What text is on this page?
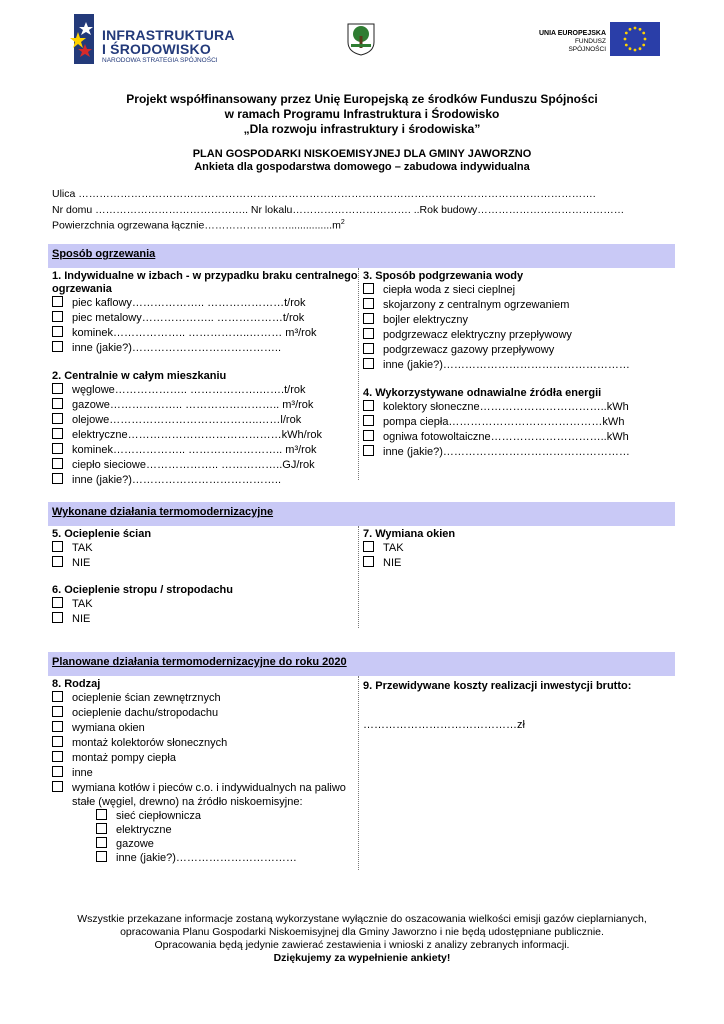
INFRASTRUKTURA
I ŚRODOWISKO
NARODOWA STRATEGIA SPÓJNOŚCI
UNIA EUROPEJSKA
FUNDUSZ SPÓJNOŚCI
Projekt współfinansowany przez Unię Europejską ze środków Funduszu Spójności
w ramach Programu Infrastruktura i Środowisko
„Dla rozwoju infrastruktury i środowiska”
PLAN GOSPODARKI NISKOEMISYJNEJ DLA GMINY JAWORZNO
Ankieta dla gospodarstwa domowego – zabudowa indywidualna
Ulica ………………………………………………………………………………………………………………………………….
Nr domu …………………………………….. Nr lokalu……………………………. ..Rok budowy……………………………………
Powierzchnia ogrzewana $łącznie\dots\dots\dots\dots\dots\dots\dots\dots...............m^2$
Sposób ogrzewania
1. Indywidualne w izbach - w przypadku braku centralnego
ogrzewania
piec kaflowy……………….. …………………t/rok
piec metalowy……………….. ………………t/rok
kominek……………….. ……………..……… m³/rok
inne (jakie?)…………………………………..
2. Centralnie w całym mieszkaniu
węglowe……………….. ……………….…….t/rok
gazowe……………….. …………………….. m³/rok
olejowe…………………………………..……l/rok
elektryczne……………………………………kWh/rok
kominek……………….. …………………….. m³/rok
ciepło sieciowe……………….. ……………..GJ/rok
inne (jakie?)…………………………………..
3. Sposób podgrzewania wody
ciepła woda z sieci cieplnej
skojarzony z centralnym ogrzewaniem
bojler elektryczny
podgrzewacz elektryczny przepływowy
podgrzewacz gazowy przepływowy
inne (jakie?)……………………………………………
4. Wykorzystywane odnawialne źródła energii
kolektory słoneczne……………………………..kWh
pompa ciepła……………………………………kWh
ogniwa fotowoltaiczne…………………………..kWh
inne (jakie?)……………………………………………
Wykonane działania termomodernizacyjne
5. Ocieplenie ścian
TAK
NIE
6. Ocieplenie stropu / stropodachu
TAK
NIE
7. Wymiana okien
TAK
NIE
Planowane działania termomodernizacyjne do roku 2020
8. Rodzaj
ocieplenie ścian zewnętrznych
ocieplenie dachu/stropodachu
wymiana okien
montaż kolektorów słonecznych
montaż pompy ciepła
inne
wymiana kotłów i pieców c.o. i indywidualnych na paliwo
stałe (węgiel, drewno) na źródło niskoemisyjne:
sieć ciepłownicza
elektryczne
gazowe
inne (jakie?)……………………………
9. Przewidywane koszty realizacji inwestycji brutto:
……………………………………zł
Wszystkie przekazane informacje zostaną wykorzystane wyłącznie do oszacowania wielkości emisji gazów cieplarnianych,
opracowania Planu Gospodarki Niskoemisyjnej dla Gminy Jaworzno i nie będą udostępniane publicznie.
Opracowania będą jedynie zawierać zestawienia i wnioski z analizy zebranych informacji.
Dziękujemy za wypełnienie ankiety!
